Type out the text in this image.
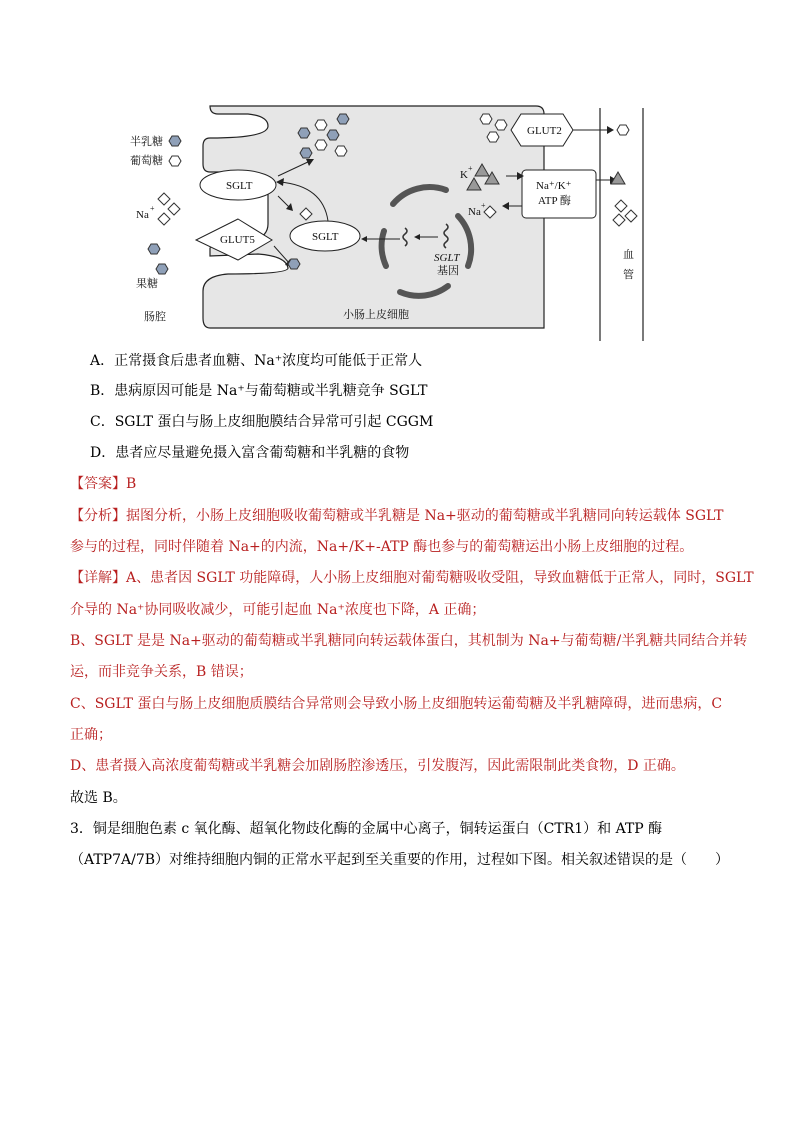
半乳糖
葡萄糖
Na
+
果糖
肠腔	小肠上皮细胞
血
管
SGLT
SGLT
GLUT5
GLUT2
Na⁺/K⁺
ATP 酶
SGLT
基因
K
+
Na
+
A．正常摄食后患者血糖、Na⁺浓度均可能低于正常人
B．患病原因可能是 Na⁺与葡萄糖或半乳糖竞争 SGLT
C．SGLT 蛋白与肠上皮细胞膜结合异常可引起 CGGM
D．患者应尽量避免摄入富含葡萄糖和半乳糖的食物
【答案】B
【分析】据图分析，小肠上皮细胞吸收葡萄糖或半乳糖是 Na+驱动的葡萄糖或半乳糖同向转运载体 SGLT
参与的过程，同时伴随着 Na+的内流，Na+/K+-ATP 酶也参与的葡萄糖运出小肠上皮细胞的过程。
【详解】A、患者因 SGLT 功能障碍，人小肠上皮细胞对葡萄糖吸收受阻，导致血糖低于正常人，同时，SGLT
介导的 Na⁺协同吸收减少，可能引起血 Na⁺浓度也下降，A 正确；
B、SGLT 是是 Na+驱动的葡萄糖或半乳糖同向转运载体蛋白，其机制为 Na+与葡萄糖/半乳糖共同结合并转
运，而非竞争关系，B 错误；
C、SGLT 蛋白与肠上皮细胞质膜结合异常则会导致小肠上皮细胞转运葡萄糖及半乳糖障碍，进而患病，C
正确；
D、患者摄入高浓度葡萄糖或半乳糖会加剧肠腔渗透压，引发腹泻，因此需限制此类食物，D 正确。
故选 B。
3．铜是细胞色素 c 氧化酶、超氧化物歧化酶的金属中心离子，铜转运蛋白（CTR1）和 ATP 酶
（ATP7A/7B）对维持细胞内铜的正常水平起到至关重要的作用，过程如下图。相关叙述错误的是（　　）
